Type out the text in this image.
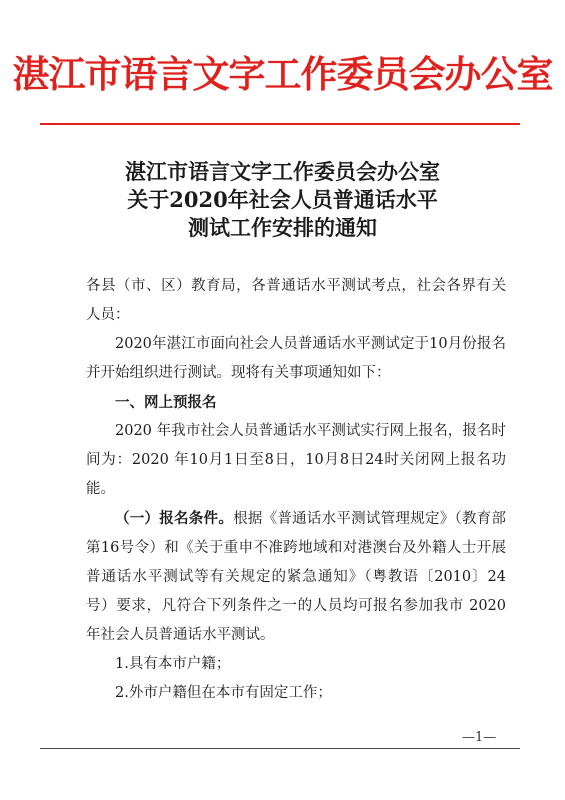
湛江市语言文字工作委员会办公室
湛江市语言文字工作委员会办公室
关于2020年社会人员普通话水平
测试工作安排的通知

各县（市、区）教育局，各普通话水平测试考点，社会各界有关人员：

2020年湛江市面向社会人员普通话水平测试定于10月份报名并开始组织进行测试。现将有关事项通知如下：

一、网上预报名

2020 年我市社会人员普通话水平测试实行网上报名，报名时间为：2020 年10月1日至8日，10月8日24时关闭网上报名功能。

（一）报名条件。根据《普通话水平测试管理规定》（教育部第16号令）和《关于重申不准跨地域和对港澳台及外籍人士开展普通话水平测试等有关规定的紧急通知》（粤教语〔2010〕24 号）要求，凡符合下列条件之一的人员均可报名参加我市 2020 年社会人员普通话水平测试。

1.具有本市户籍；

2.外市户籍但在本市有固定工作；

—1—
